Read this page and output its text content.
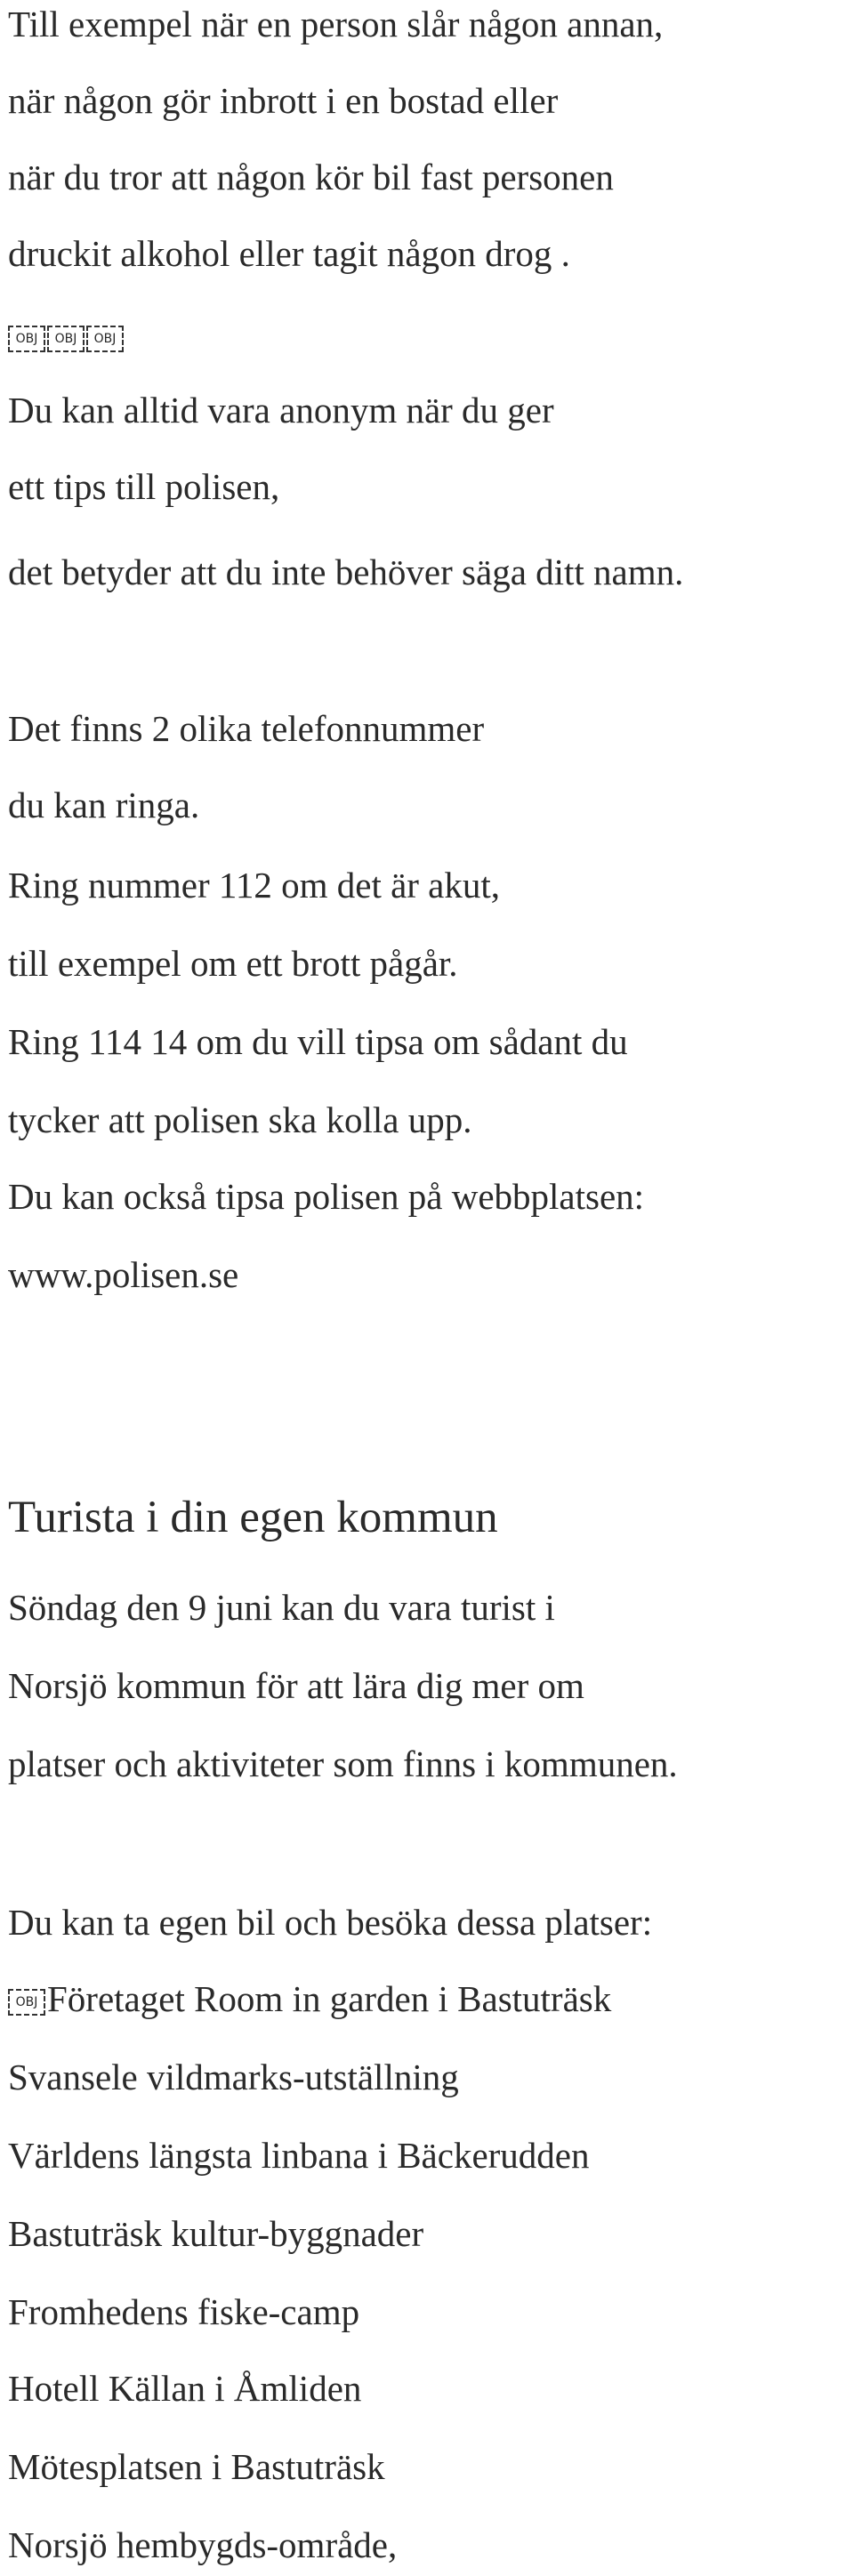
Till exempel när en person slår någon annan,
när någon gör inbrott i en bostad eller
när du tror att någon kör bil fast personen
druckit alkohol eller tagit någon drog .
OBJ OBJ OBJ
Du kan alltid vara anonym när du ger
ett tips till polisen,
det betyder att du inte behöver säga ditt namn.
Det finns 2 olika telefonnummer
du kan ringa.
Ring nummer 112 om det är akut,
till exempel om ett brott pågår.
Ring 114 14 om du vill tipsa om sådant du
tycker att polisen ska kolla upp.
Du kan också tipsa polisen på webbplatsen:
www.polisen.se
Turista i din egen kommun
Söndag den 9 juni kan du vara turist i
Norsjö kommun för att lära dig mer om
platser och aktiviteter som finns i kommunen.
Du kan ta egen bil och besöka dessa platser:
OBJ Företaget Room in garden i Bastuträsk
Svansele vildmarks-utställning
Världens längsta linbana i Bäckerudden
Bastuträsk kultur-byggnader
Fromhedens fiske-camp
Hotell Källan i Åmliden
Mötesplatsen i Bastuträsk
Norsjö hembygds-område,
